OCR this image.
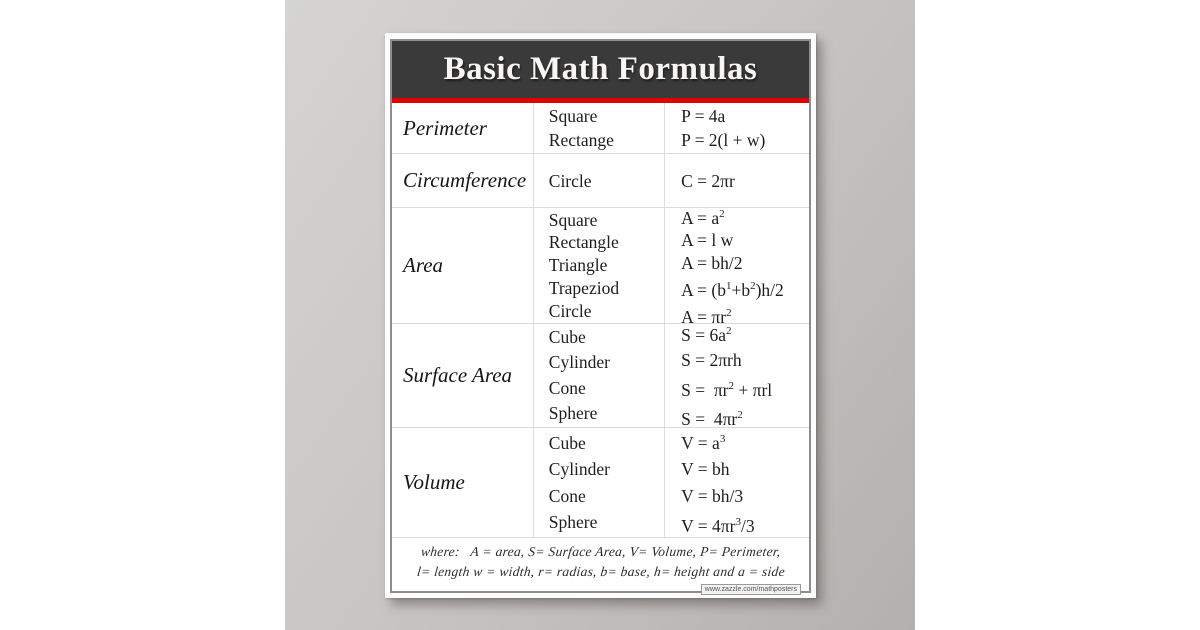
Basic Math Formulas
Perimeter	Square
Rectange
P = 4a
P = 2(l + w)
Circumference Circle	C = 2πr
Area
Square
Rectangle
Triangle
Trapeziod
Circle
$A = a^2$
A = l w
A = bh/2
$A = (b^1+b^2)h/2$
$A = \pi r^2$
Surface Area
Cube
Cylinder
Cone
Sphere
$S = 6a^2$
S = 2πrh
$S = \pi r^2 + \pi rl$
$S = 4\pi r^2$
Volume
Cube
Cylinder
Cone
Sphere
$V = a^3$
V = bh
V = bh/3
$V = 4\pi r^3/3$
where:   A = area, S= Surface Area, V= Volume, P= Perimeter,
l= length w = width, r= radias, b= base, h= height and a = side
www.zazzle.com/mathposters
